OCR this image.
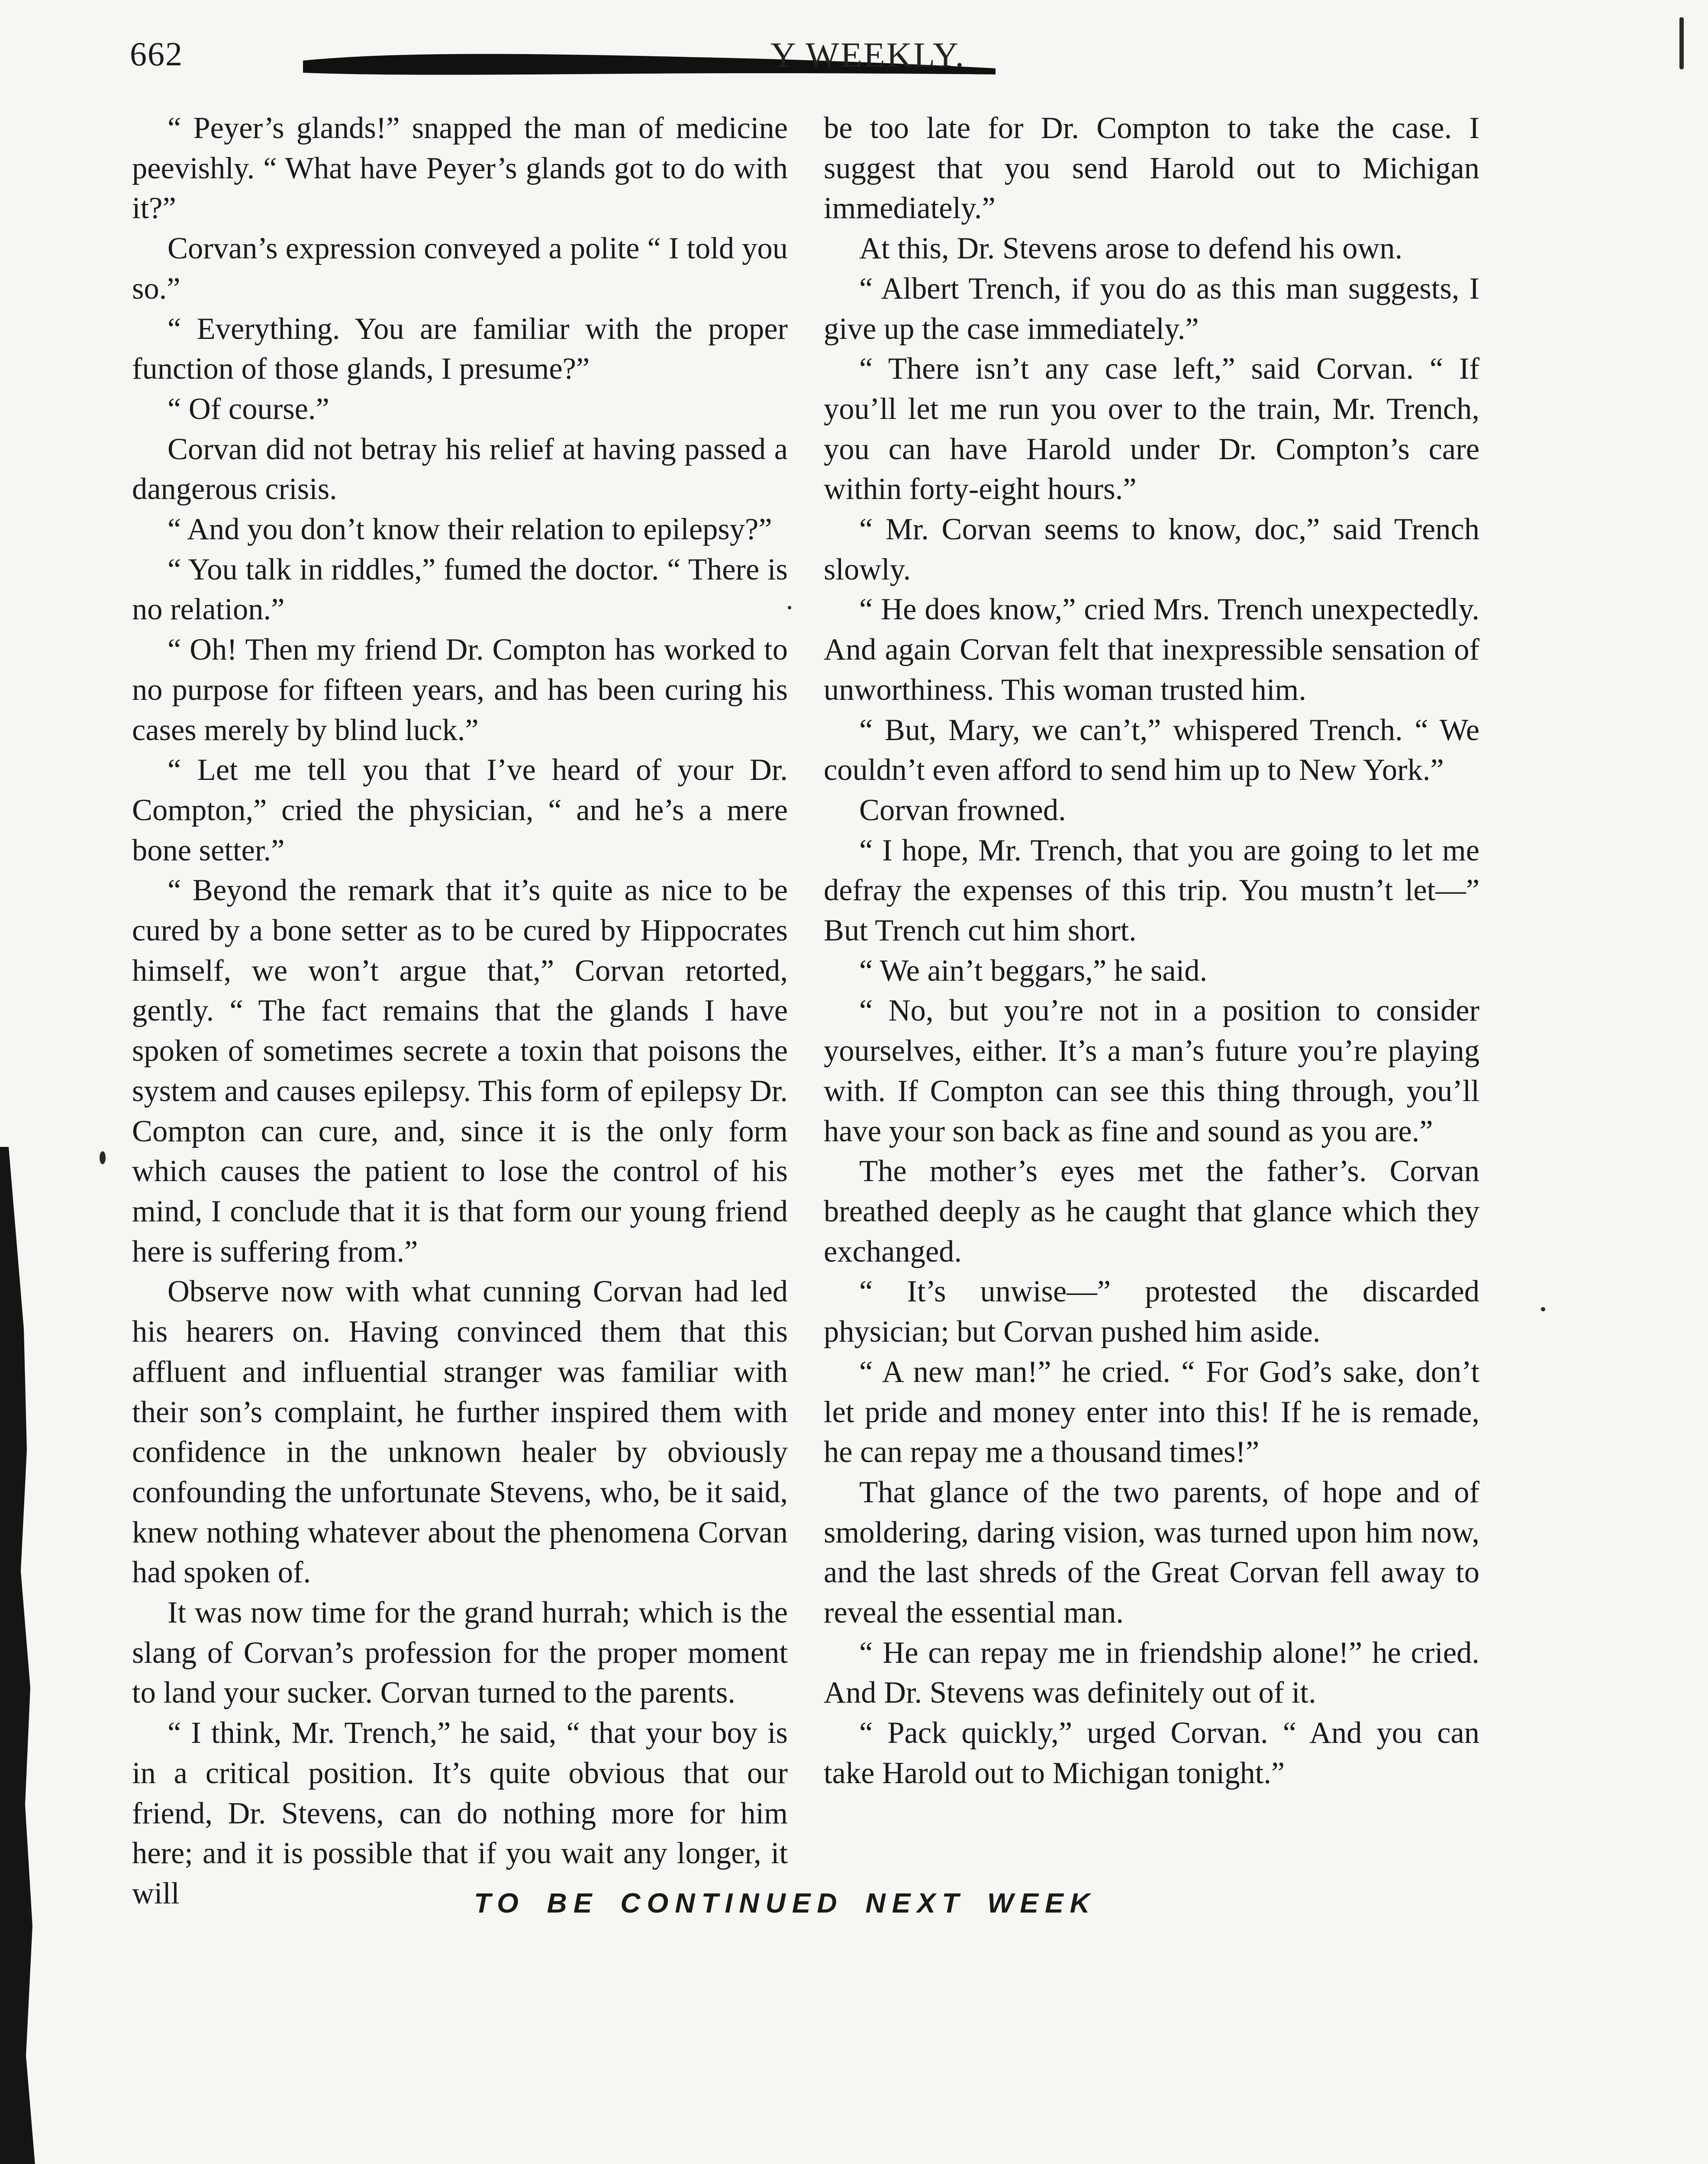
662	Y WEEKLY.

“ Peyer’s glands!” snapped the man of medicine peevishly. “ What have Peyer’s glands got to do with it?”

Corvan’s expression conveyed a polite “ I told you so.”

“ Everything. You are familiar with the proper function of those glands, I presume?”

“ Of course.”

Corvan did not betray his relief at having passed a dangerous crisis.

“ And you don’t know their relation to epilepsy?”

“ You talk in riddles,” fumed the doctor. “ There is no relation.”

“ Oh! Then my friend Dr. Compton has worked to no purpose for fifteen years, and has been curing his cases merely by blind luck.”

“ Let me tell you that I’ve heard of your Dr. Compton,” cried the physician, “ and he’s a mere bone setter.”

“ Beyond the remark that it’s quite as nice to be cured by a bone setter as to be cured by Hippocrates himself, we won’t argue that,” Corvan retorted, gently. “ The fact remains that the glands I have spoken of sometimes secrete a toxin that poisons the system and causes epilepsy. This form of epilepsy Dr. Compton can cure, and, since it is the only form which causes the patient to lose the control of his mind, I conclude that it is that form our young friend here is suffering from.”

Observe now with what cunning Corvan had led his hearers on. Having convinced them that this affluent and influential stranger was familiar with their son’s complaint, he further inspired them with confidence in the unknown healer by obviously confounding the unfortunate Stevens, who, be it said, knew nothing whatever about the phenomena Corvan had spoken of.

It was now time for the grand hurrah; which is the slang of Corvan’s profession for the proper moment to land your sucker. Corvan turned to the parents.

“ I think, Mr. Trench,” he said, “ that your boy is in a critical position. It’s quite obvious that our friend, Dr. Stevens, can do nothing more for him here; and it is possible that if you wait any longer, it will

be too late for Dr. Compton to take the case. I suggest that you send Harold out to Michigan immediately.”

At this, Dr. Stevens arose to defend his own.

“ Albert Trench, if you do as this man suggests, I give up the case immediately.”

“ There isn’t any case left,” said Corvan. “ If you’ll let me run you over to the train, Mr. Trench, you can have Harold under Dr. Compton’s care within forty-eight hours.”

“ Mr. Corvan seems to know, doc,” said Trench slowly.

“ He does know,” cried Mrs. Trench unexpectedly. And again Corvan felt that inexpressible sensation of unworthiness. This woman trusted him.

“ But, Mary, we can’t,” whispered Trench. “ We couldn’t even afford to send him up to New York.”

Corvan frowned.

“ I hope, Mr. Trench, that you are going to let me defray the expenses of this trip. You mustn’t let—” But Trench cut him short.

“ We ain’t beggars,” he said.

“ No, but you’re not in a position to consider yourselves, either. It’s a man’s future you’re playing with. If Compton can see this thing through, you’ll have your son back as fine and sound as you are.”

The mother’s eyes met the father’s. Corvan breathed deeply as he caught that glance which they exchanged.

“ It’s unwise—” protested the discarded physician; but Corvan pushed him aside.

“ A new man!” he cried. “ For God’s sake, don’t let pride and money enter into this! If he is remade, he can repay me a thousand times!”

That glance of the two parents, of hope and of smoldering, daring vision, was turned upon him now, and the last shreds of the Great Corvan fell away to reveal the essential man.

“ He can repay me in friendship alone!” he cried. And Dr. Stevens was definitely out of it.

“ Pack quickly,” urged Corvan. “ And you can take Harold out to Michigan tonight.”

TO BE CONTINUED NEXT WEEK
